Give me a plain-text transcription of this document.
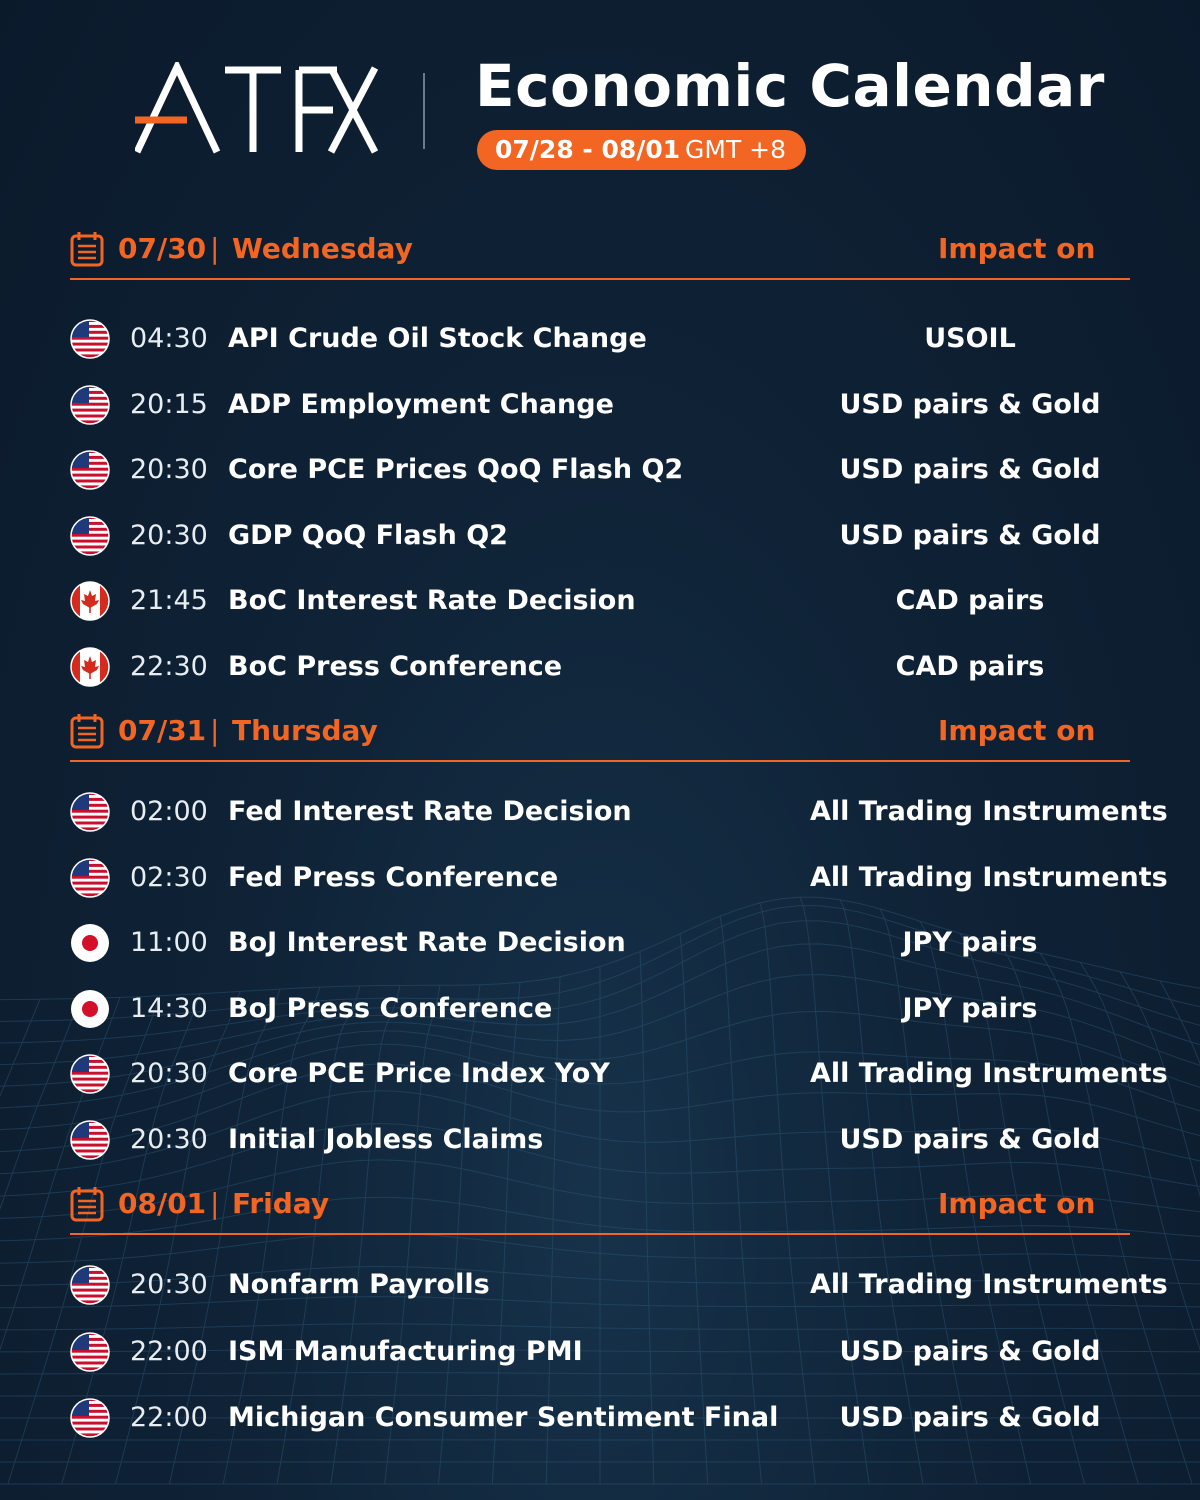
Economic Calendar
07/28 - 08/01 GMT +8
07/30 | Wednesday	Impact on
04:30 API Crude Oil Stock Change	USOIL
20:15 ADP Employment Change	USD pairs & Gold
20:30 Core PCE Prices QoQ Flash Q2	USD pairs & Gold
20:30 GDP QoQ Flash Q2	USD pairs & Gold
21:45 BoC Interest Rate Decision	CAD pairs
22:30 BoC Press Conference	CAD pairs
07/31 | Thursday	Impact on
02:00 Fed Interest Rate Decision	All Trading Instruments
02:30 Fed Press Conference	All Trading Instruments
11:00 BoJ Interest Rate Decision	JPY pairs
14:30 BoJ Press Conference	JPY pairs
20:30 Core PCE Price Index YoY	All Trading Instruments
20:30 Initial Jobless Claims	USD pairs & Gold
08/01 | Friday	Impact on
20:30 Nonfarm Payrolls	All Trading Instruments
22:00 ISM Manufacturing PMI	USD pairs & Gold
22:00 Michigan Consumer Sentiment Final	USD pairs & Gold
